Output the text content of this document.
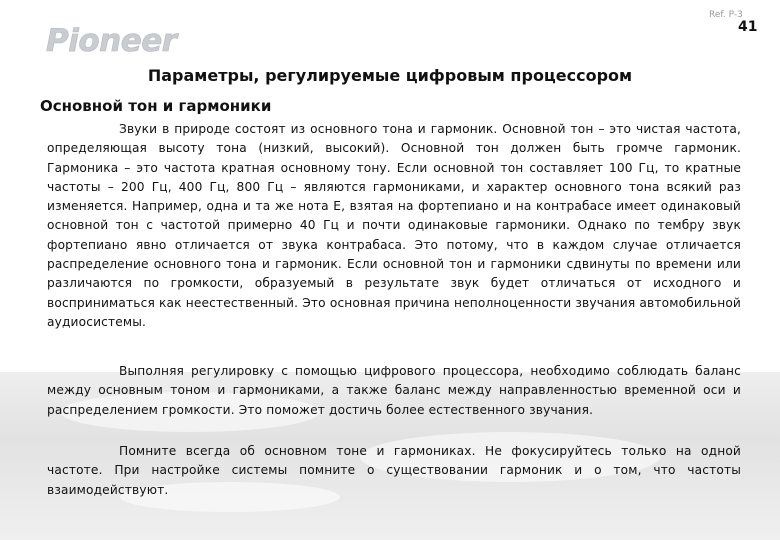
Pioneer
Ref. P-3
41
Параметры, регулируемые цифровым процессором
Основной тон и гармоники

Звуки в природе состоят из основного тона и гармоник. Основной тон – это чистая частота, определяющая высоту тона (низкий, высокий). Основной тон должен быть громче гармоник. Гармоника – это частота кратная основному тону. Если основной тон составляет 100 Гц, то кратные частоты – 200 Гц, 400 Гц, 800 Гц – являются гармониками, и характер основного тона всякий раз изменяется. Например, одна и та же нота Е, взятая на фортепиано и на контрабасе имеет одинаковый основной тон с частотой примерно 40 Гц и почти одинаковые гармоники. Однако по тембру звук фортепиано явно отличается от звука контрабаса. Это потому, что в каждом случае отличается распределение основного тона и гармоник. Если основной тон и гармоники сдвинуты по времени или различаются по громкости, образуемый в результате звук будет отличаться от исходного и восприниматься как неестественный. Это основная причина неполноценности звучания автомобильной аудиосистемы.

Выполняя регулировку с помощью цифрового процессора, необходимо соблюдать баланс между основным тоном и гармониками, а также баланс между направленностью временной оси и распределением громкости. Это поможет достичь более естественного звучания.

Помните всегда об основном тоне и гармониках. Не фокусируйтесь только на одной частоте. При настройке системы помните о существовании гармоник и о том, что частоты взаимодействуют.
